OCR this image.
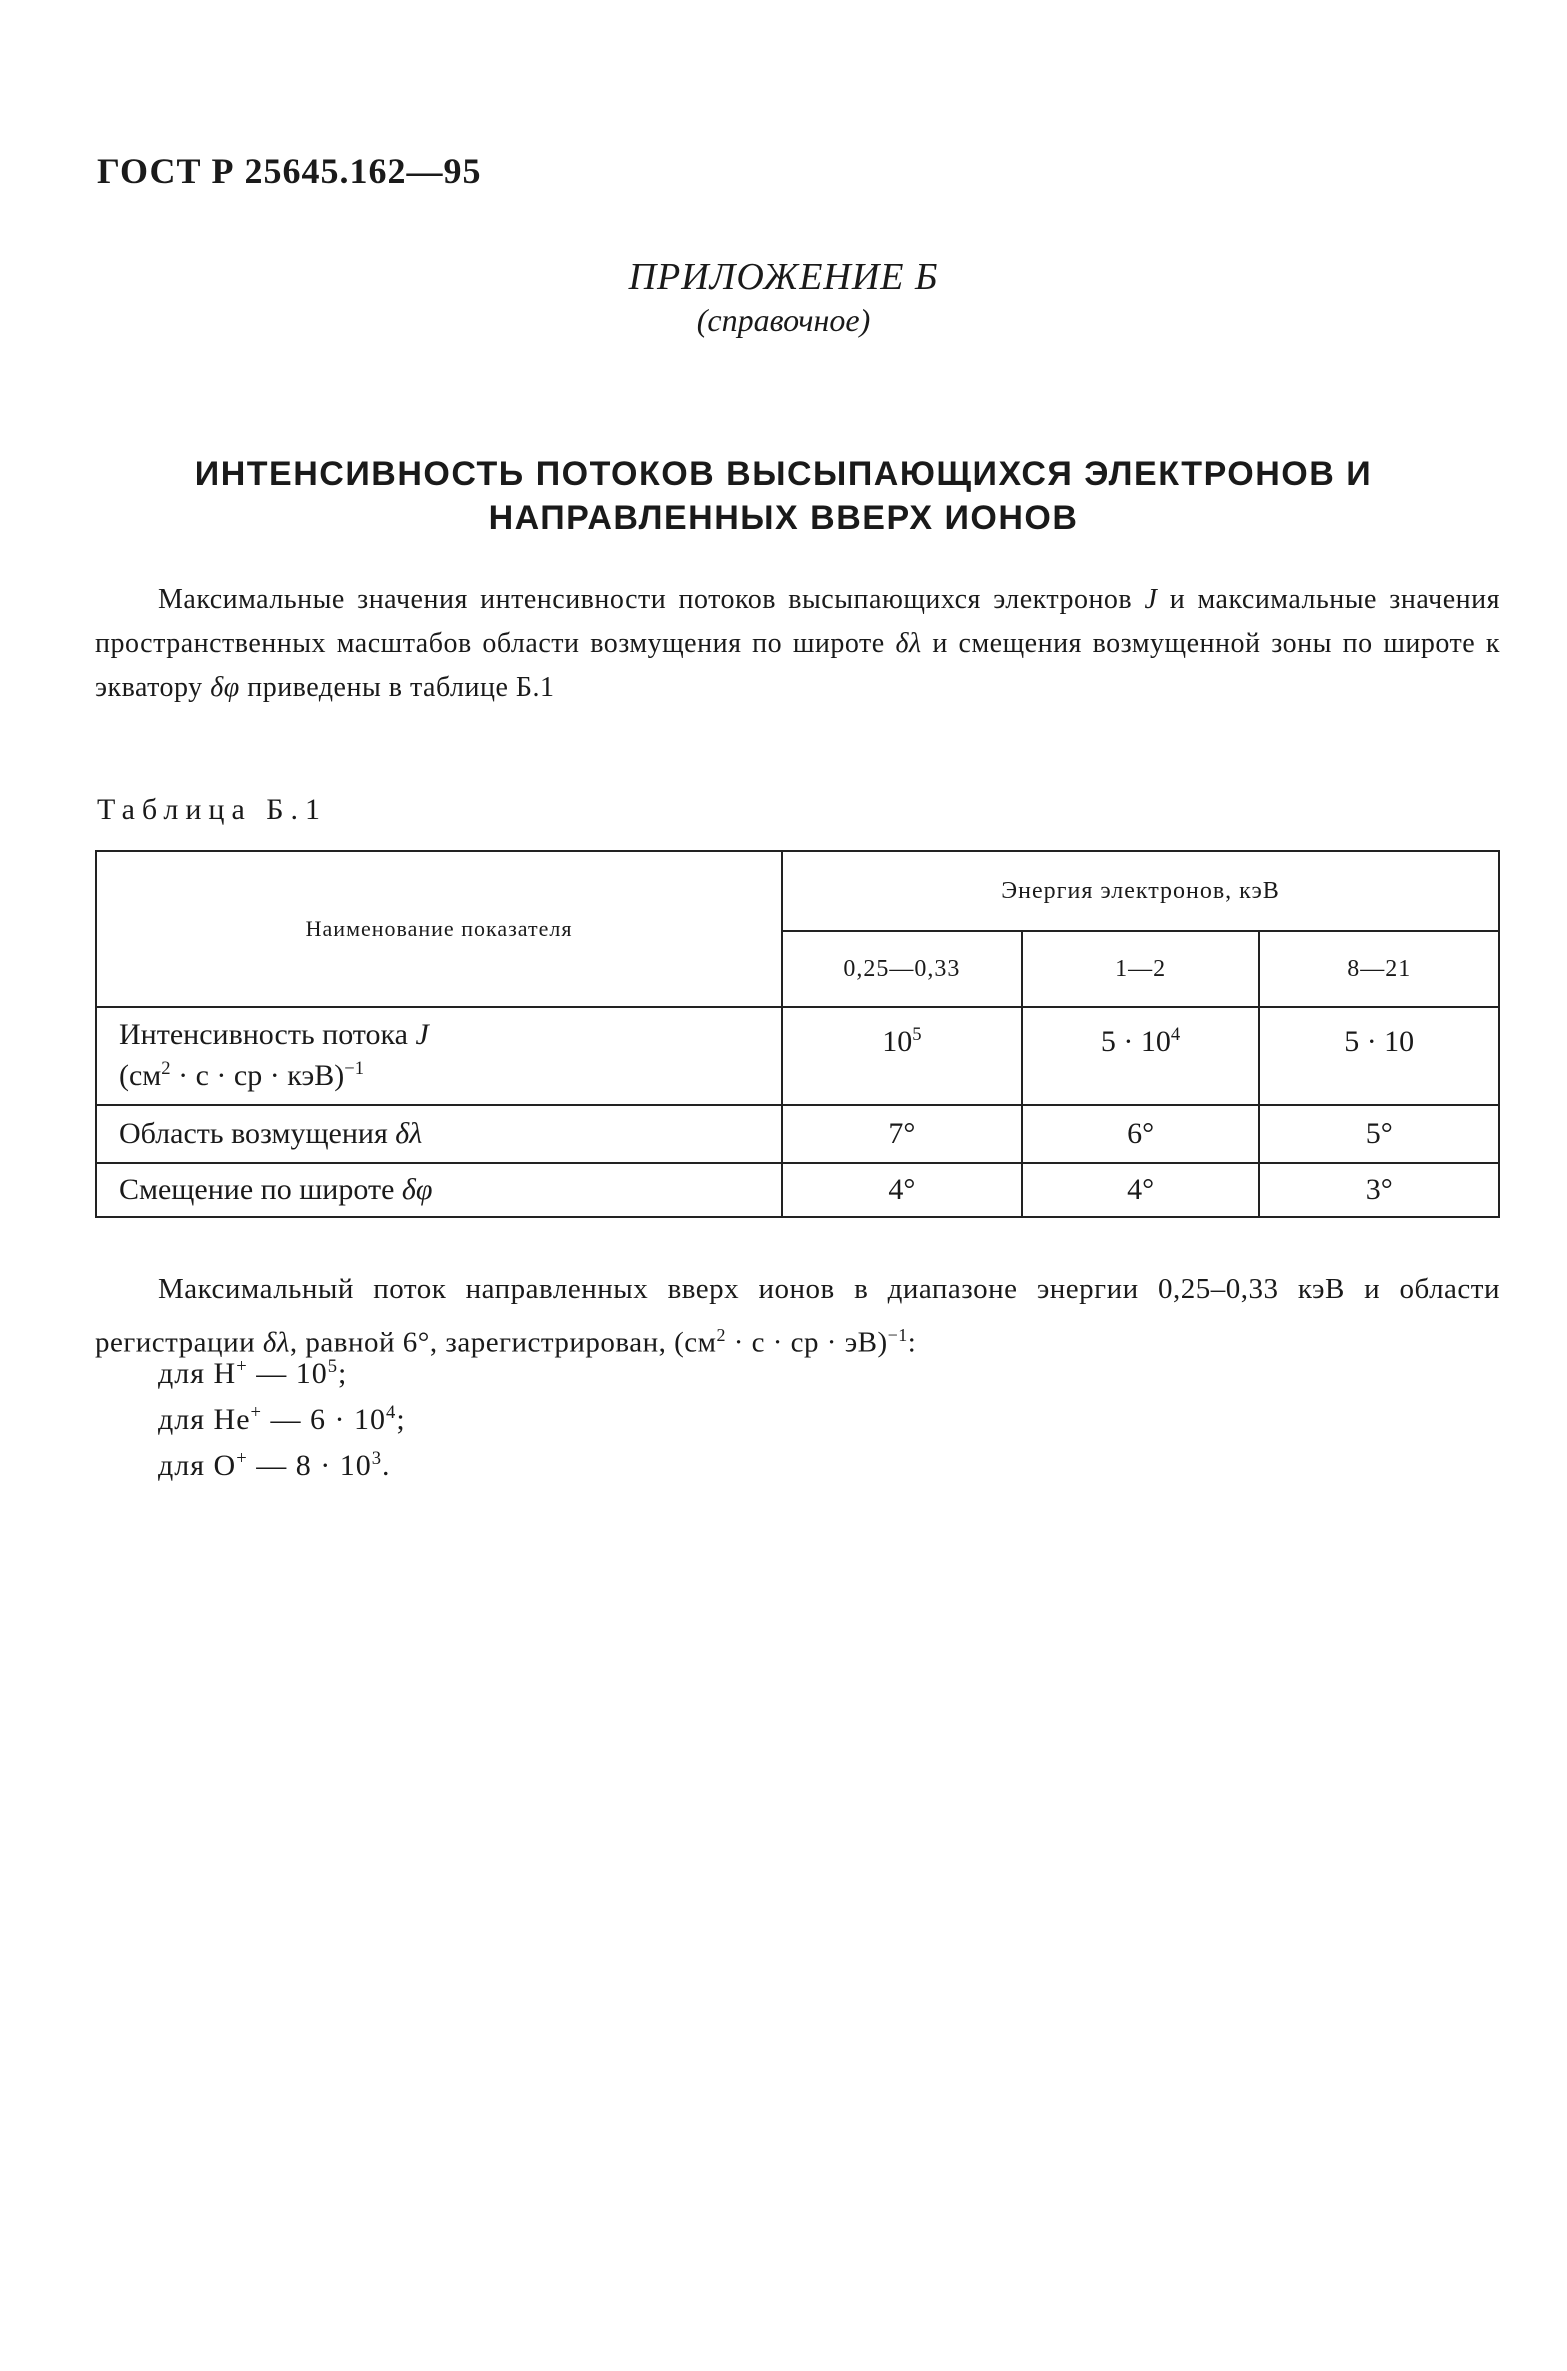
ГОСТ Р 25645.162—95
ПРИЛОЖЕНИЕ Б
(справочное)
ИНТЕНСИВНОСТЬ ПОТОКОВ ВЫСЫПАЮЩИХСЯ ЭЛЕКТРОНОВ И
НАПРАВЛЕННЫХ ВВЕРХ ИОНОВ
Максимальные значения интенсивности потоков высыпающихся электронов J и максимальные значения пространственных масштабов области возмущения по широте δλ и смещения возмущенной зоны по широте к экватору δφ приведены в таблице Б.1
Таблица Б.1
Наименование показателя	Энергия электронов, кэВ		
	0,25—0,33	1—2	8—21

Интенсивность потока J
($см^2 \cdot с$ · ср · кэВ)$^{-1}$	$10^5$	$5 \cdot 10^4$	5 · 10
Область возмущения δλ	7°	6°	5°
Смещение по широте δφ	4°	4°	3°
Максимальный поток направленных вверх ионов в диапазоне энергии 0,25–0,33 кэВ и области регистрации δλ, равной 6°, зарегистрирован, ($см^2 \cdot с$ · ср · эВ)$^{-1}$:
для H+ — $10^5$;
для He+ — $6 \cdot 10^4$;
для O+ — $8 \cdot 10^3$.
